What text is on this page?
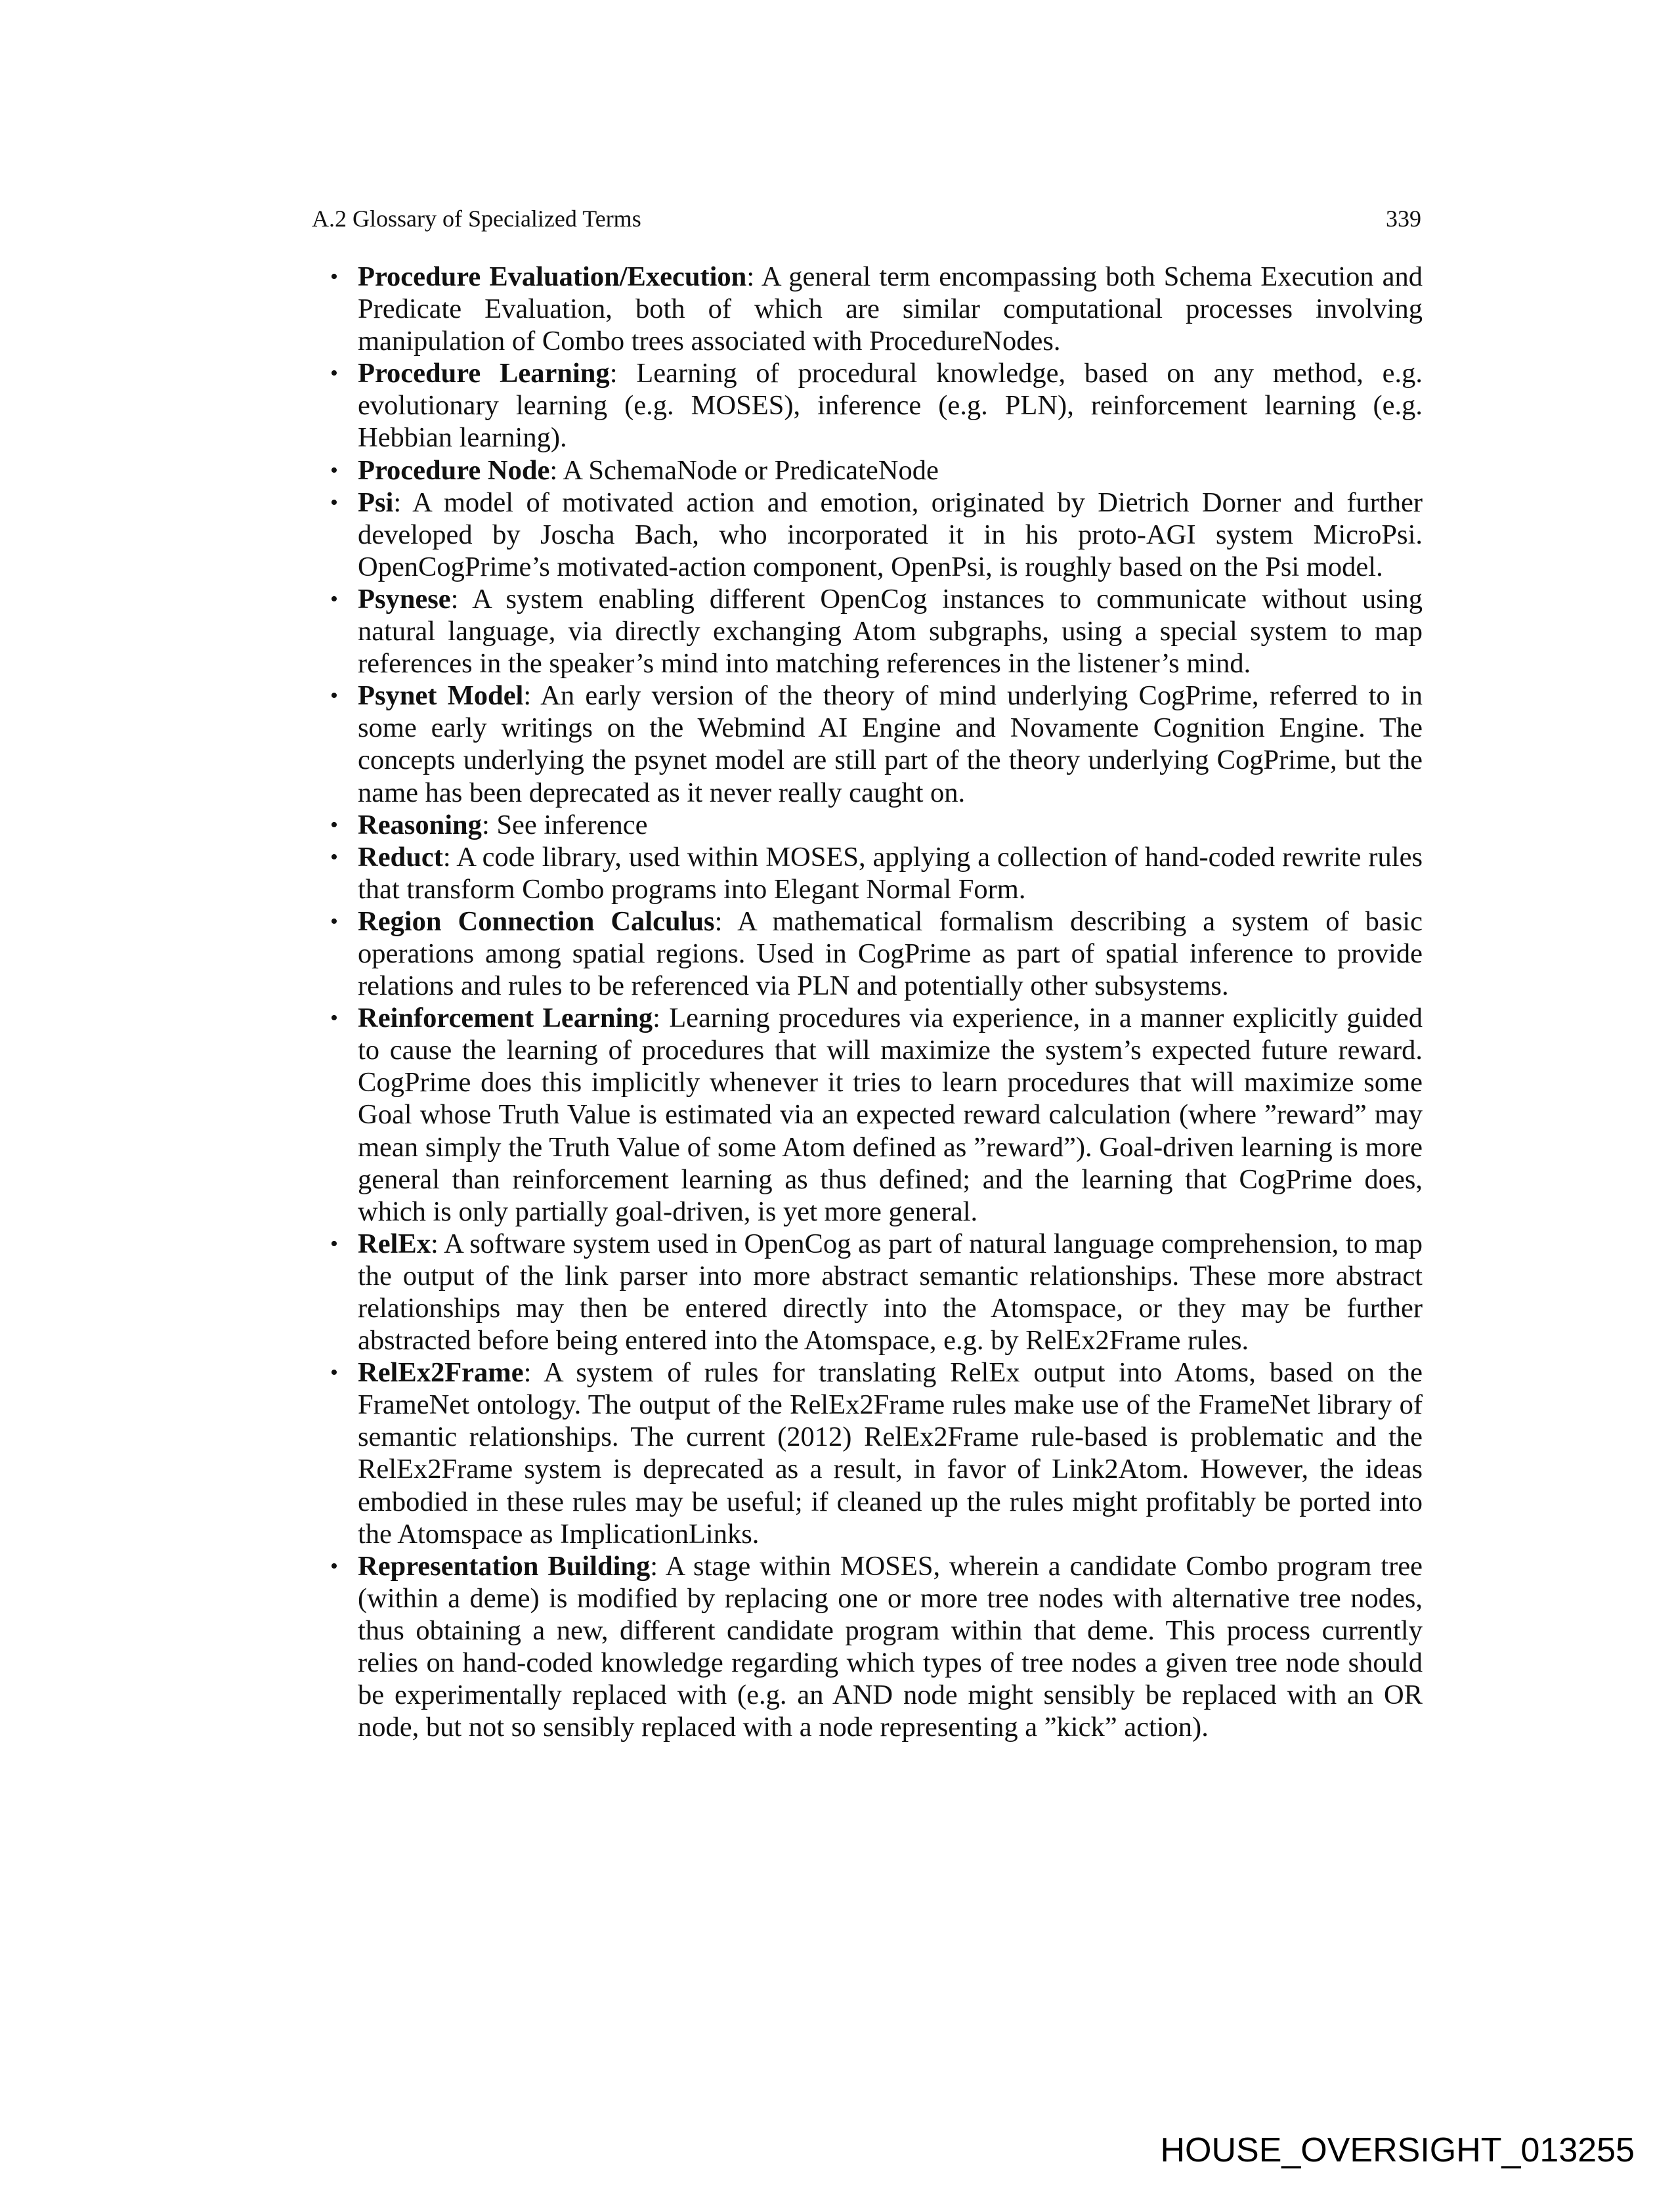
A.2 Glossary of Specialized Terms	339
• Procedure Evaluation/Execution: A general term encompassing both Schema Execution and Predicate Evaluation, both of which are similar computational processes involving manipulation of Combo trees associated with ProcedureNodes.
• Procedure Learning: Learning of procedural knowledge, based on any method, e.g. evolutionary learning (e.g. MOSES), inference (e.g. PLN), reinforcement learning (e.g. Hebbian learning).
• Procedure Node: A SchemaNode or PredicateNode
• Psi: A model of motivated action and emotion, originated by Dietrich Dorner and further developed by Joscha Bach, who incorporated it in his proto-AGI system MicroPsi. OpenCogPrime’s motivated-action component, OpenPsi, is roughly based on the Psi model.
• Psynese: A system enabling different OpenCog instances to communicate without using natural language, via directly exchanging Atom subgraphs, using a special system to map references in the speaker’s mind into matching references in the listener’s mind.
• Psynet Model: An early version of the theory of mind underlying CogPrime, referred to in some early writings on the Webmind AI Engine and Novamente Cognition Engine. The concepts underlying the psynet model are still part of the theory underlying CogPrime, but the name has been deprecated as it never really caught on.
• Reasoning: See inference
• Reduct: A code library, used within MOSES, applying a collection of hand-coded rewrite rules that transform Combo programs into Elegant Normal Form.
• Region Connection Calculus: A mathematical formalism describing a system of basic operations among spatial regions. Used in CogPrime as part of spatial inference to provide relations and rules to be referenced via PLN and potentially other subsystems.
• Reinforcement Learning: Learning procedures via experience, in a manner explicitly guided to cause the learning of procedures that will maximize the system’s expected future reward. CogPrime does this implicitly whenever it tries to learn procedures that will maximize some Goal whose Truth Value is estimated via an expected reward calculation (where ”reward” may mean simply the Truth Value of some Atom defined as ”reward”). Goal-driven learning is more general than reinforcement learning as thus defined; and the learning that CogPrime does, which is only partially goal-driven, is yet more general.
• RelEx: A software system used in OpenCog as part of natural language comprehension, to map the output of the link parser into more abstract semantic relationships. These more abstract relationships may then be entered directly into the Atomspace, or they may be further abstracted before being entered into the Atomspace, e.g. by RelEx2Frame rules.
• RelEx2Frame: A system of rules for translating RelEx output into Atoms, based on the FrameNet ontology. The output of the RelEx2Frame rules make use of the FrameNet library of semantic relationships. The current (2012) RelEx2Frame rule-based is problematic and the RelEx2Frame system is deprecated as a result, in favor of Link2Atom. However, the ideas embodied in these rules may be useful; if cleaned up the rules might profitably be ported into the Atomspace as ImplicationLinks.
• Representation Building: A stage within MOSES, wherein a candidate Combo program tree (within a deme) is modified by replacing one or more tree nodes with alternative tree nodes, thus obtaining a new, different candidate program within that deme. This process currently relies on hand-coded knowledge regarding which types of tree nodes a given tree node should be experimentally replaced with (e.g. an AND node might sensibly be replaced with an OR node, but not so sensibly replaced with a node representing a ”kick” action).
HOUSE_OVERSIGHT_013255
